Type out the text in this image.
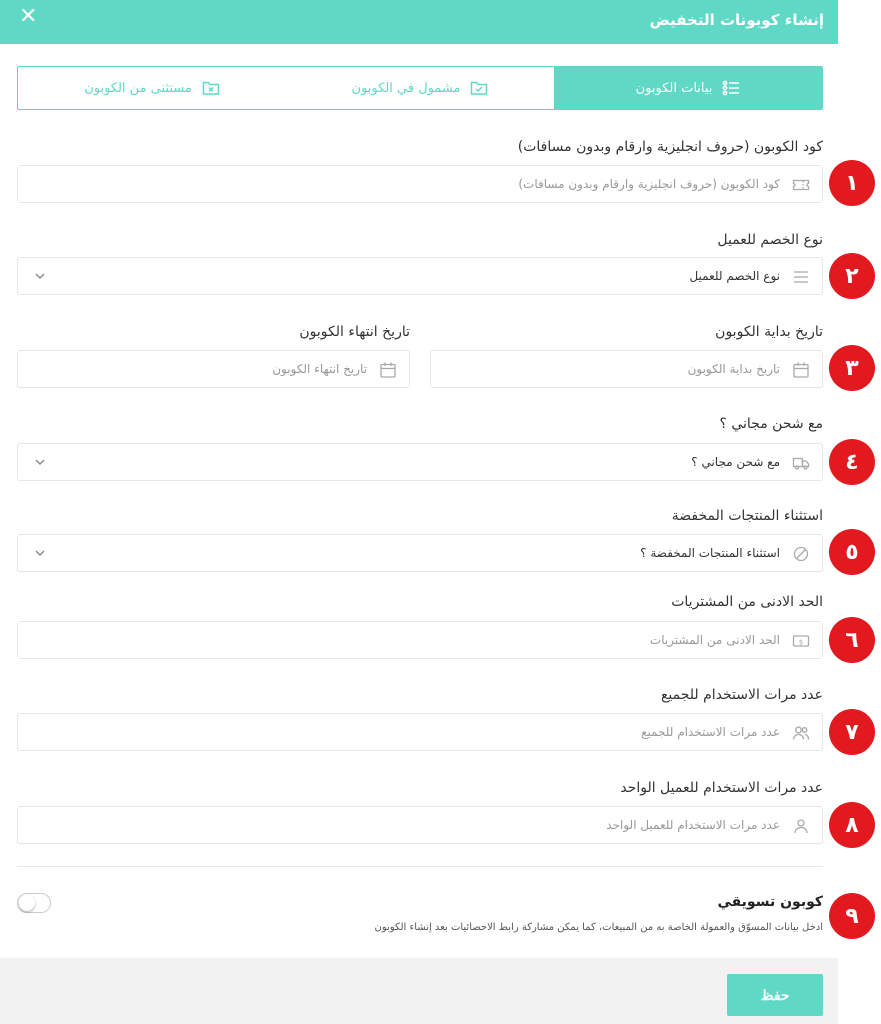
إنشاء كوبونات التخفيض
✕
بيانات الكوبون
مشمول في الكوبون
مستثنى من الكوبون
كود الكوبون (حروف انجليزية وارقام وبدون مسافات)
كود الكوبون (حروف انجليزية وارقام وبدون مسافات)	١
نوع الخصم للعميل
نوع الخصم للعميل	٢
تاريخ بداية الكوبون
تاريخ بداية الكوبون
تاريخ انتهاء الكوبون
تاريخ انتهاء الكوبون	٣
مع شحن مجاني ؟
مع شحن مجاني ؟	٤
استثناء المنتجات المخفضة
استثناء المنتجات المخفضة ؟	٥
الحد الادنى من المشتريات
$
الحد الادنى من المشتريات	٦
عدد مرات الاستخدام للجميع
عدد مرات الاستخدام للجميع	٧
عدد مرات الاستخدام للعميل الواحد
عدد مرات الاستخدام للعميل الواحد	٨
كوبون تسويقي
ادخل بيانات المسوّق والعمولة الخاصة به من المبيعات، كما يمكن مشاركة رابط الاحصائيات بعد إنشاء الكوبون	٩
حفظ
